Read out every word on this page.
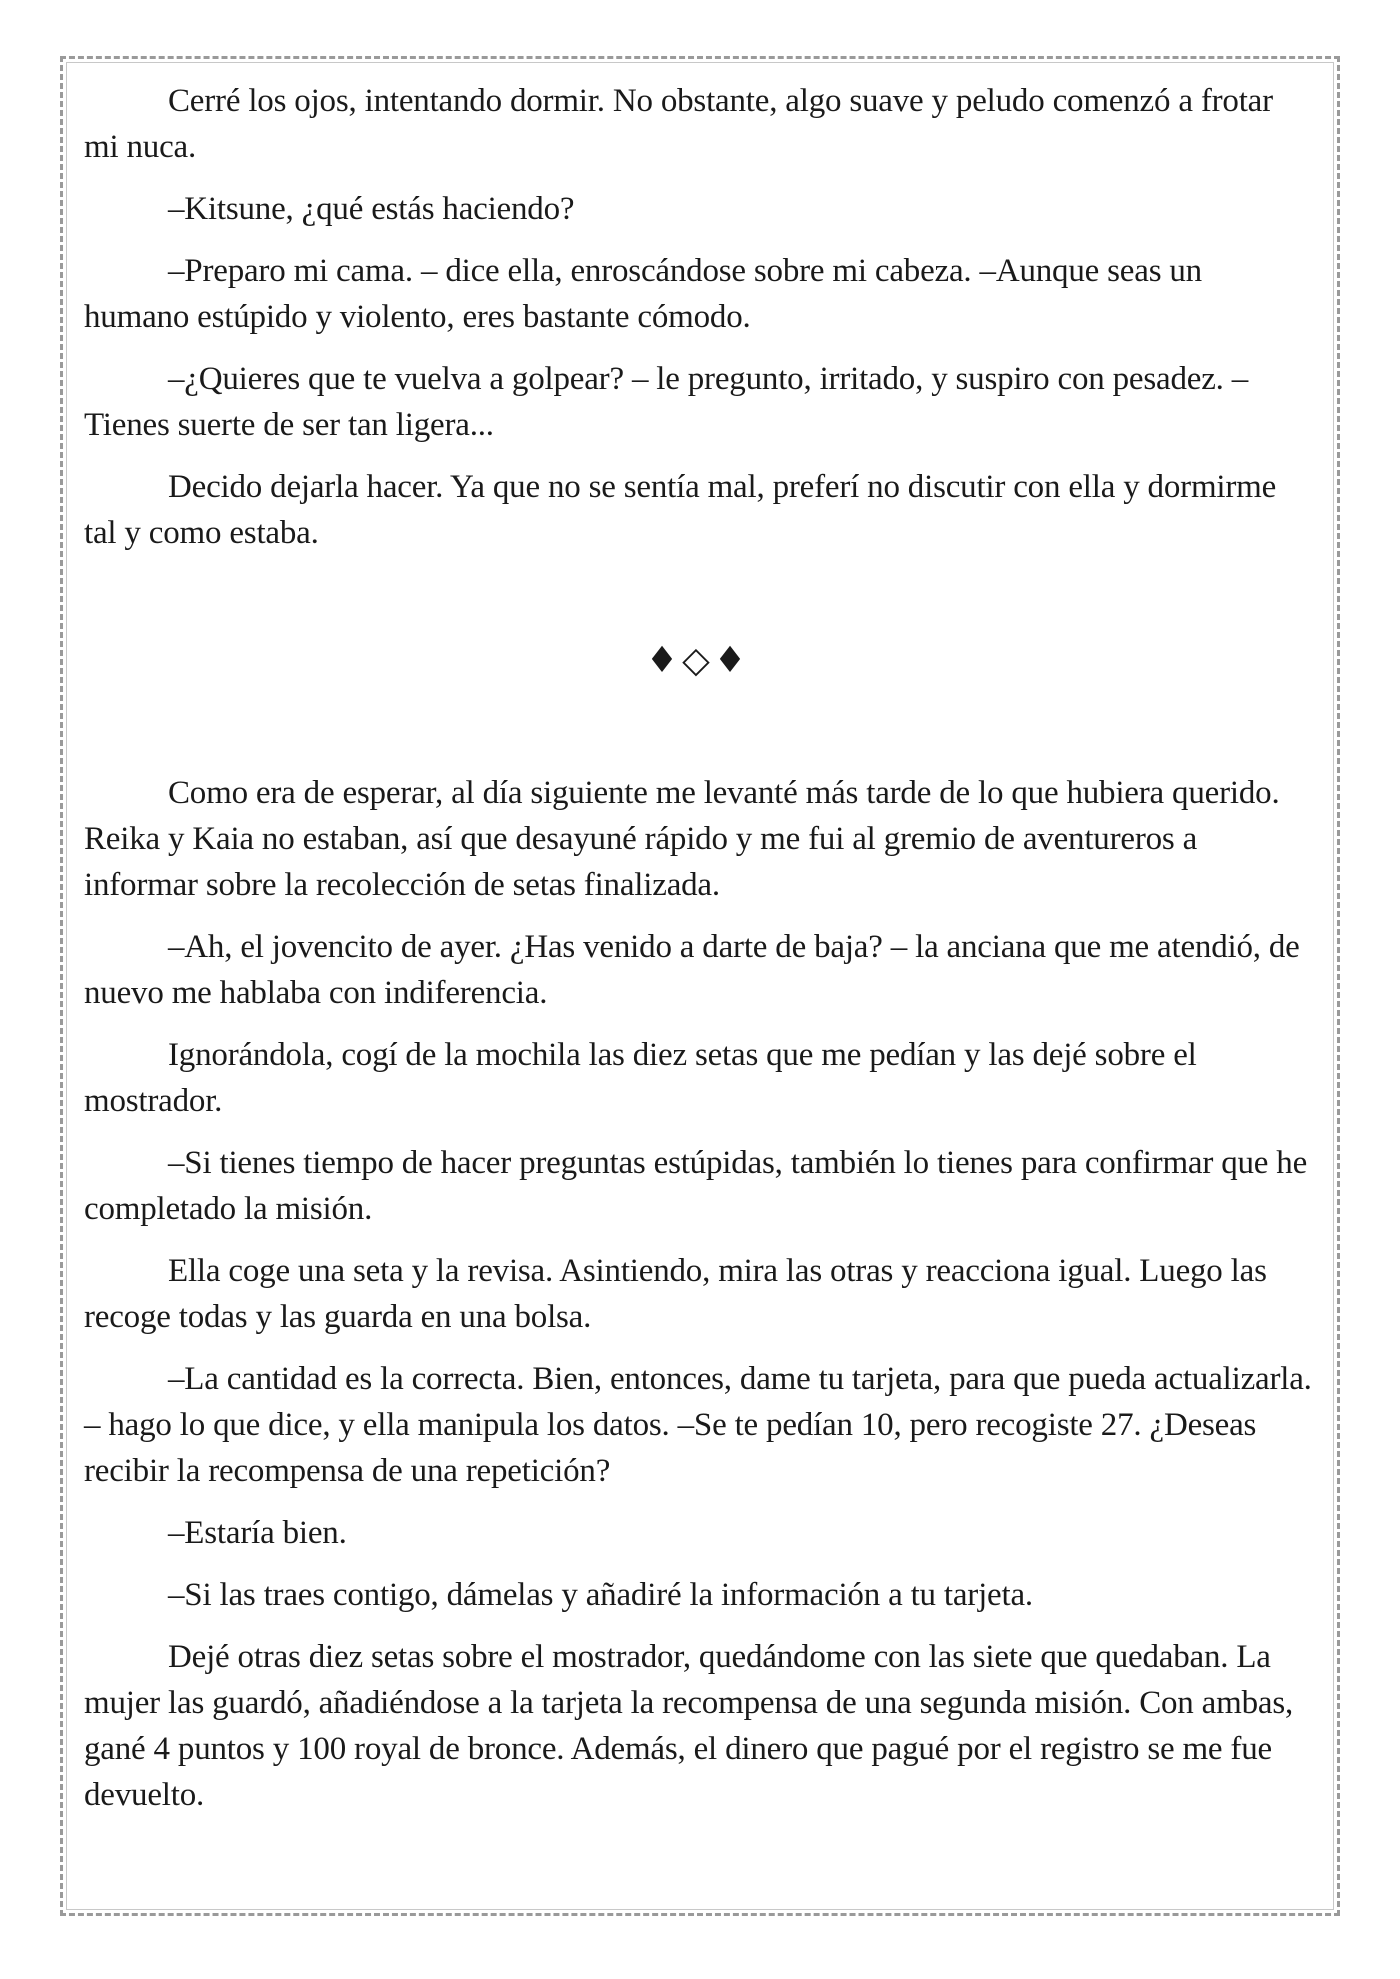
Cerré los ojos, intentando dormir. No obstante, algo suave y peludo comenzó a frotar mi nuca.

–Kitsune, ¿qué estás haciendo?

–Preparo mi cama. – dice ella, enroscándose sobre mi cabeza. –Aunque seas un humano estúpido y violento, eres bastante cómodo.

–¿Quieres que te vuelva a golpear? – le pregunto, irritado, y suspiro con pesadez. –Tienes suerte de ser tan ligera...

Decido dejarla hacer. Ya que no se sentía mal, preferí no discutir con ella y dormirme tal y como estaba.

♦◇♦

Como era de esperar, al día siguiente me levanté más tarde de lo que hubiera querido. Reika y Kaia no estaban, así que desayuné rápido y me fui al gremio de aventureros a informar sobre la recolección de setas finalizada.

–Ah, el jovencito de ayer. ¿Has venido a darte de baja? – la anciana que me atendió, de nuevo me hablaba con indiferencia.

Ignorándola, cogí de la mochila las diez setas que me pedían y las dejé sobre el mostrador.

–Si tienes tiempo de hacer preguntas estúpidas, también lo tienes para confirmar que he completado la misión.

Ella coge una seta y la revisa. Asintiendo, mira las otras y reacciona igual. Luego las recoge todas y las guarda en una bolsa.

–La cantidad es la correcta. Bien, entonces, dame tu tarjeta, para que pueda actualizarla. – hago lo que dice, y ella manipula los datos. –Se te pedían 10, pero recogiste 27. ¿Deseas recibir la recompensa de una repetición?

–Estaría bien.

–Si las traes contigo, dámelas y añadiré la información a tu tarjeta.

Dejé otras diez setas sobre el mostrador, quedándome con las siete que quedaban. La mujer las guardó, añadiéndose a la tarjeta la recompensa de una segunda misión. Con ambas, gané 4 puntos y 100 royal de bronce. Además, el dinero que pagué por el registro se me fue devuelto.
